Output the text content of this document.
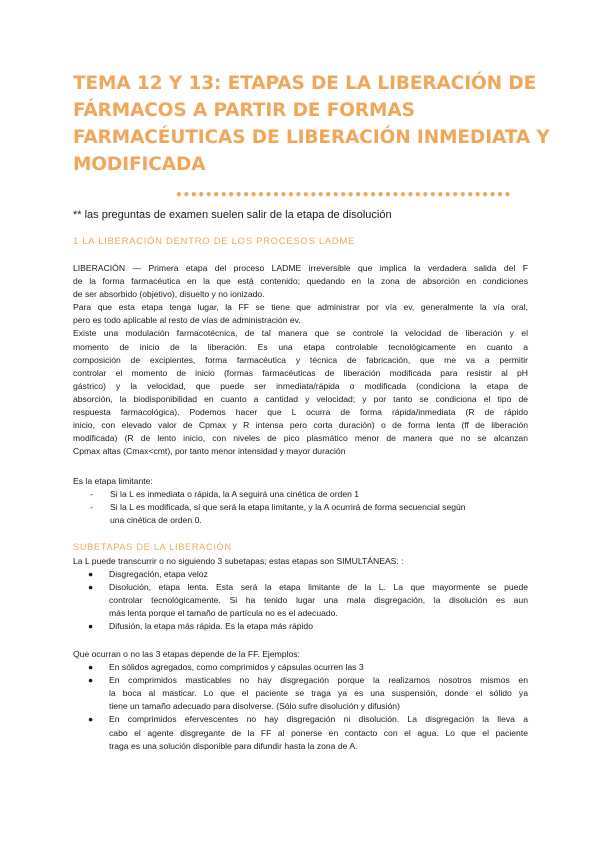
TEMA 12 Y 13: ETAPAS DE LA LIBERACIÓN DE
FÁRMACOS A PARTIR DE FORMAS
FARMACÉUTICAS DE LIBERACIÓN INMEDIATA Y
MODIFICADA
•••••••••••••••••••••••••••••••••••••••••••••
** las preguntas de examen suelen salir de la etapa de disolución
1 LA LIBERACIÓN DENTRO DE LOS PROCESOS LADME
LIBERACIÓN — Primera etapa del proceso LADME irreversible que implica la verdadera salida del F
de la forma farmacéutica en la que está contenido; quedando en la zona de absorción en condiciones
de ser absorbido (objetivo), disuelto y no ionizado.
Para que esta etapa tenga lugar, la FF se tiene que administrar por vía ev, generalmente la vía oral,
pero es todo aplicable al resto de vías de administración ev.
Existe una modulación farmacotécnica, de tal manera que se controle la velocidad de liberación y el
momento de inicio de la liberación. Es una etapa controlable tecnológicamente en cuanto a
composición de excipientes, forma farmacéutica y técnica de fabricación, que me va a permitir
controlar el momento de inicio (formas farmacéuticas de liberación modificada para resistir al pH
gástrico) y la velocidad, que puede ser inmediata/rápida o modificada (condiciona la etapa de
absorción, la biodisponibilidad en cuanto a cantidad y velocidad; y por tanto se condiciona el tipo de
respuesta farmacológica). Podemos hacer que L ocurra de forma rápida/inmediata (R de rápido
inicio, con elevado valor de Cpmax y R intensa pero corta duración) o de forma lenta (ff de liberación
modificada) (R de lento inicio, con niveles de pico plasmático menor de manera que no se alcanzan
Cpmax altas (Cmax<cmt), por tanto menor intensidad y mayor duración
Es la etapa limitante:
- Si la L es inmediata o rápida, la A seguirá una cinética de orden 1
- Si la L es modificada, sí que será la etapa limitante, y la A ocurrirá de forma secuencial según
una cinética de orden 0.
SUBETAPAS DE LA LIBERACIÓN
La L puede transcurrir o no siguiendo 3 subetapas; estas etapas son SIMULTÁNEAS: :
● Disgregación, etapa veloz
● Disolución, etapa lenta. Esta será la etapa limitante de la L. La que mayormente se puede
controlar tecnológicamente. Si ha tenido lugar una mala disgregación, la disolución es aun
más lenta porque el tamaño de partícula no es el adecuado.
● Difusión, la etapa más rápida. Es la etapa más rápido
Que ocurran o no las 3 etapas depende de la FF. Ejemplos:
● En sólidos agregados, como comprimidos y cápsulas ocurren las 3
● En comprimidos masticables no hay disgregación porque la realizamos nosotros mismos en
la boca al masticar. Lo que el paciente se traga ya es una suspensión, donde el sólido ya
tiene un tamaño adecuado para disolverse. (Sólo sufre disolución y difusión)
● En comprimidos efervescentes no hay disgregación ni disolución. La disgregación la lleva a
cabo el agente disgregante de la FF al ponerse en contacto con el agua. Lo que el paciente
traga es una solución disponible para difundir hasta la zona de A.
